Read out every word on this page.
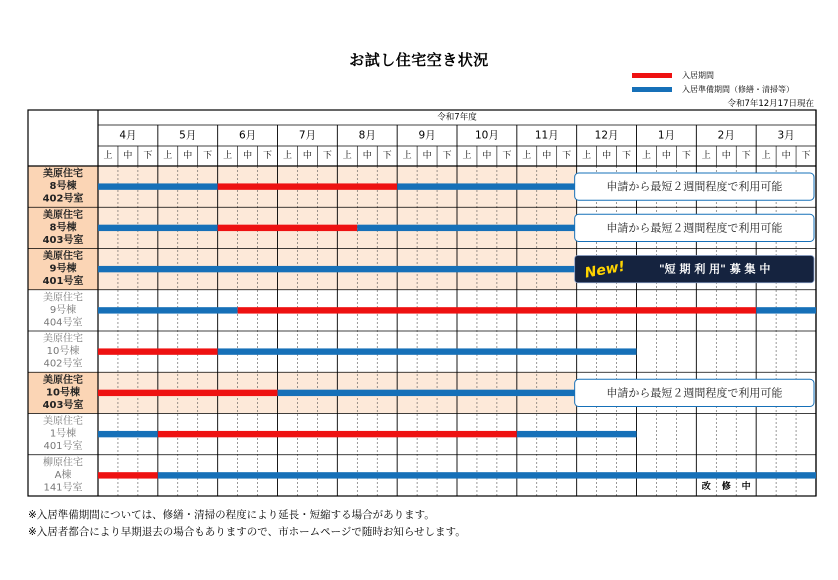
お試し住宅空き状況
入居期間
入居準備期間（修繕・清掃等）
令和7年12月17日現在
令和7年度
4月	5月	6月	7月	8月	9月	10月	11月	12月	1月	2月	3月
上 中 下 上 中 下 上 中 下 上 中 下 上 中 下 上 中 下 上 中 下 上 中 下 上 中 下 上 中 下 上 中 下 上 中 下
美原住宅
8号棟
402号室
申請から最短２週間程度で利用可能
美原住宅
8号棟
403号室
申請から最短２週間程度で利用可能
美原住宅
9号棟
401号室	New!	"短 期 利 用" 募 集 中
美原住宅
9号棟
404号室
美原住宅
10号棟
402号室
美原住宅
10号棟
403号室
申請から最短２週間程度で利用可能
美原住宅
1号棟
401号室
柳原住宅
A棟
141号室	改 修 中
※入居準備期間については、修繕・清掃の程度により延長・短縮する場合があります。
※入居者都合により早期退去の場合もありますので、市ホームページで随時お知らせします。
